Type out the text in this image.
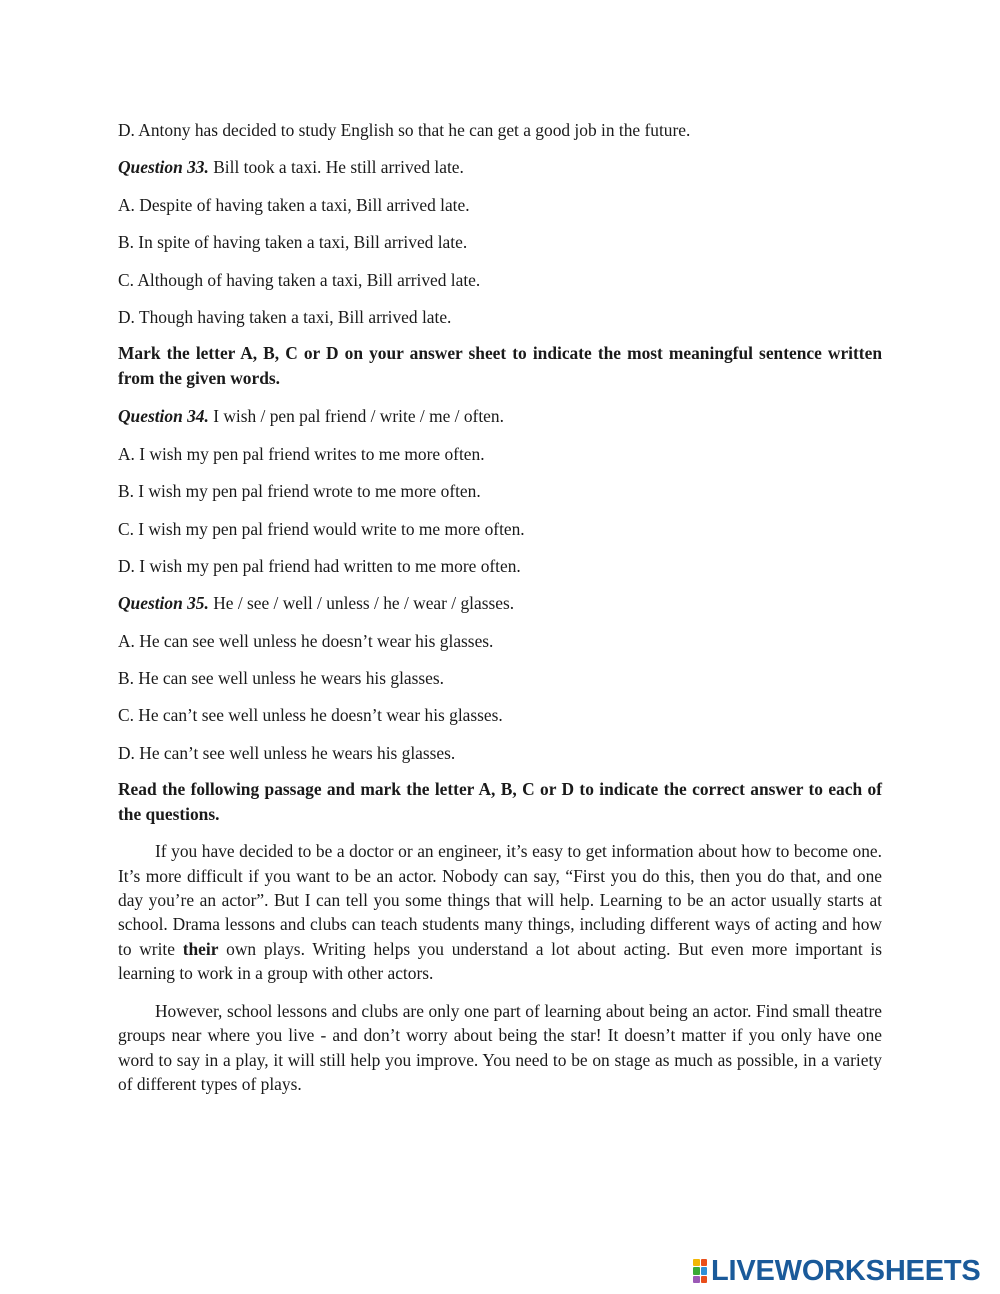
D. Antony has decided to study English so that he can get a good job in the future.

Question 33. Bill took a taxi. He still arrived late.

A. Despite of having taken a taxi, Bill arrived late.

B. In spite of having taken a taxi, Bill arrived late.

C. Although of having taken a taxi, Bill arrived late.

D. Though having taken a taxi, Bill arrived late.

Mark the letter A, B, C or D on your answer sheet to indicate the most meaningful sentence written from the given words.

Question 34. I wish / pen pal friend / write / me / often.

A. I wish my pen pal friend writes to me more often.

B. I wish my pen pal friend wrote to me more often.

C. I wish my pen pal friend would write to me more often.

D. I wish my pen pal friend had written to me more often.

Question 35. He / see / well / unless / he / wear / glasses.

A. He can see well unless he doesn’t wear his glasses.

B. He can see well unless he wears his glasses.

C. He can’t see well unless he doesn’t wear his glasses.

D. He can’t see well unless he wears his glasses.

Read the following passage and mark the letter A, B, C or D to indicate the correct answer to each of the questions.

If you have decided to be a doctor or an engineer, it’s easy to get information about how to become one. It’s more difficult if you want to be an actor. Nobody can say, “First you do this, then you do that, and one day you’re an actor”. But I can tell you some things that will help. Learning to be an actor usually starts at school. Drama lessons and clubs can teach students many things, including different ways of acting and how to write their own plays. Writing helps you understand a lot about acting. But even more important is learning to work in a group with other actors.

However, school lessons and clubs are only one part of learning about being an actor. Find small theatre groups near where you live - and don’t worry about being the star! It doesn’t matter if you only have one word to say in a play, it will still help you improve. You need to be on stage as much as possible, in a variety of different types of plays.

LIVEWORKSHEETS
